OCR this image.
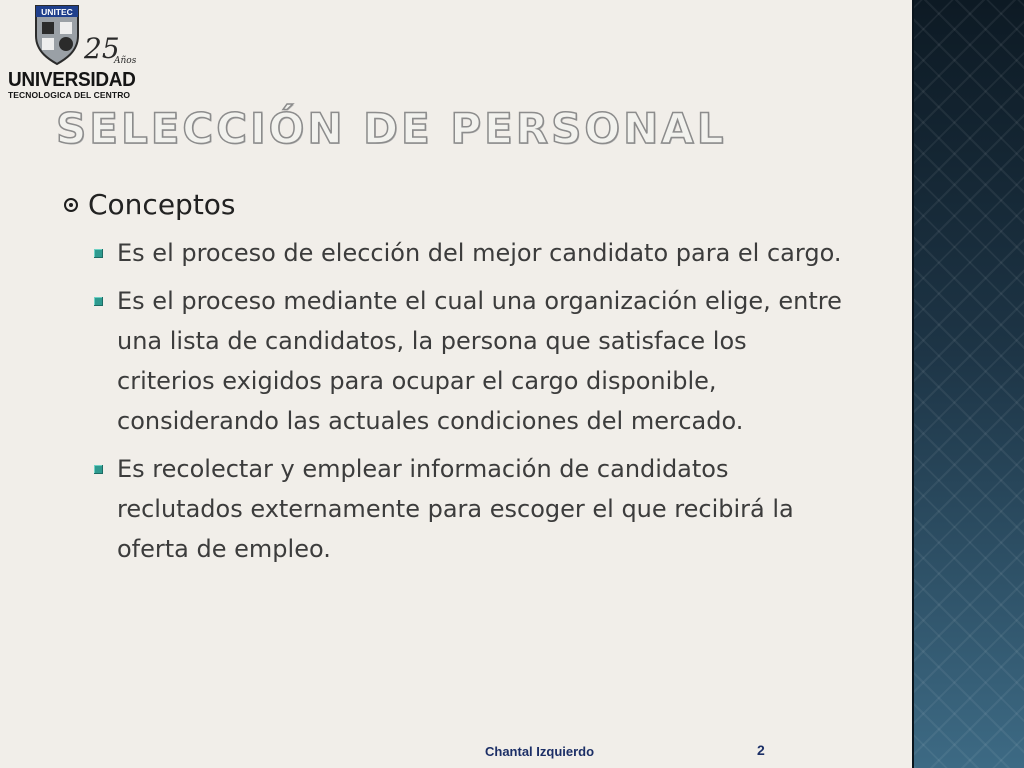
UNITEC
25
Años
UNIVERSIDAD
TECNOLOGICA DEL CENTRO
SELECCIÓN DE PERSONAL
Conceptos
Es el proceso de elección del mejor candidato para el cargo.
Es el proceso mediante el cual una organización elige, entre una lista de candidatos, la persona que satisface los criterios exigidos para ocupar el cargo disponible, considerando las actuales condiciones del mercado.
Es recolectar y emplear información de candidatos reclutados externamente para escoger el que recibirá la oferta de empleo.
Chantal Izquierdo	2
